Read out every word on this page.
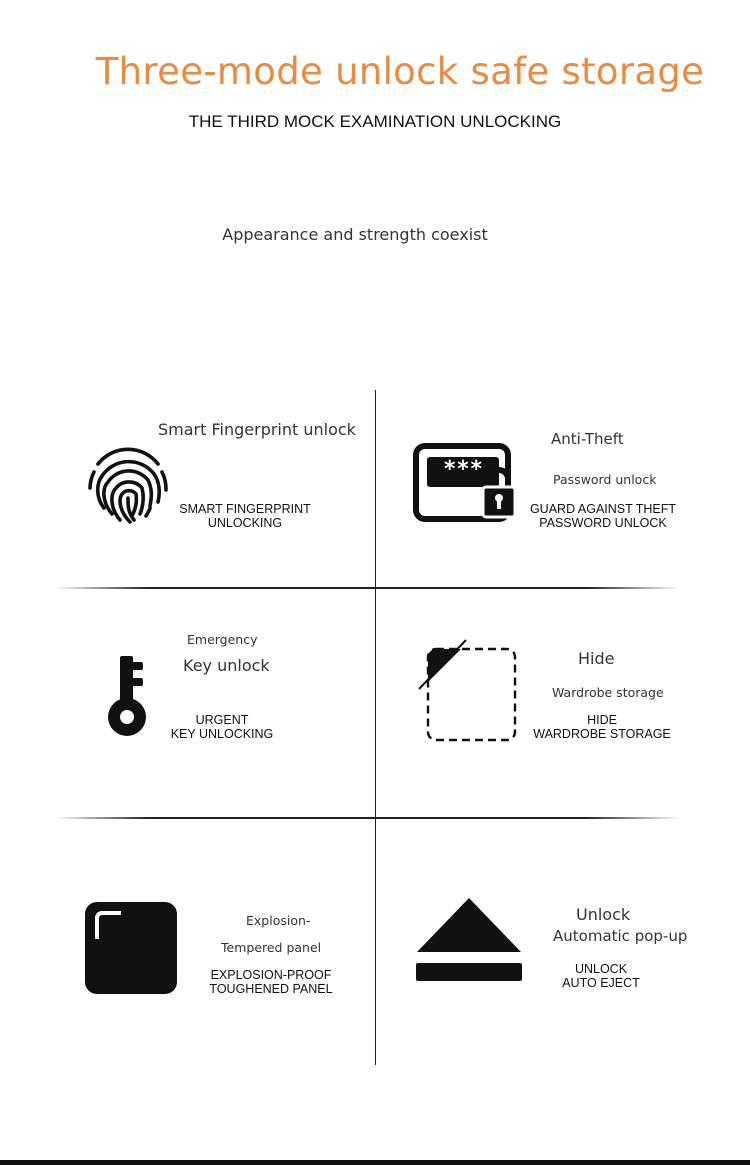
Three-mode unlock safe storage
THE THIRD MOCK EXAMINATION UNLOCKING
Appearance and strength coexist
Smart Fingerprint unlock
SMART FINGERPRINT
UNLOCKING
***
Anti-Theft
Password unlock
GUARD AGAINST THEFT
PASSWORD UNLOCK
Emergency
Key unlock
URGENT
KEY UNLOCKING
Hide
Wardrobe storage
HIDE
WARDROBE STORAGE
Explosion-
Tempered panel
EXPLOSION-PROOF
TOUGHENED PANEL
Unlock
Automatic pop-up
UNLOCK
AUTO EJECT
